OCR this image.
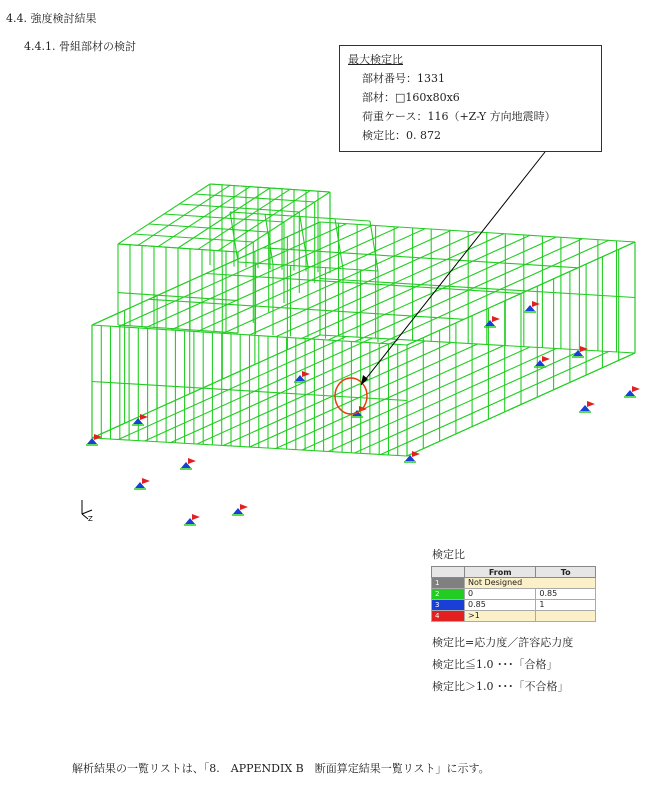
4.4. 強度検討結果
4.4.1. 骨組部材の検討
Z
最大検定比
部材番号：1331
部材：□160x80x6
荷重ケース：116（+Z-Y 方向地震時）
検定比：0. 872
検定比
	From	To
1	Not Designed	
2	0	0.85
3	0.85	1
4	>1	
検定比=応力度／許容応力度
検定比≦1.0 ･･･「合格」
検定比＞1.0 ･･･「不合格」
解析結果の一覧リストは、「8.　APPENDIX B　断面算定結果一覧リスト」に示す。
